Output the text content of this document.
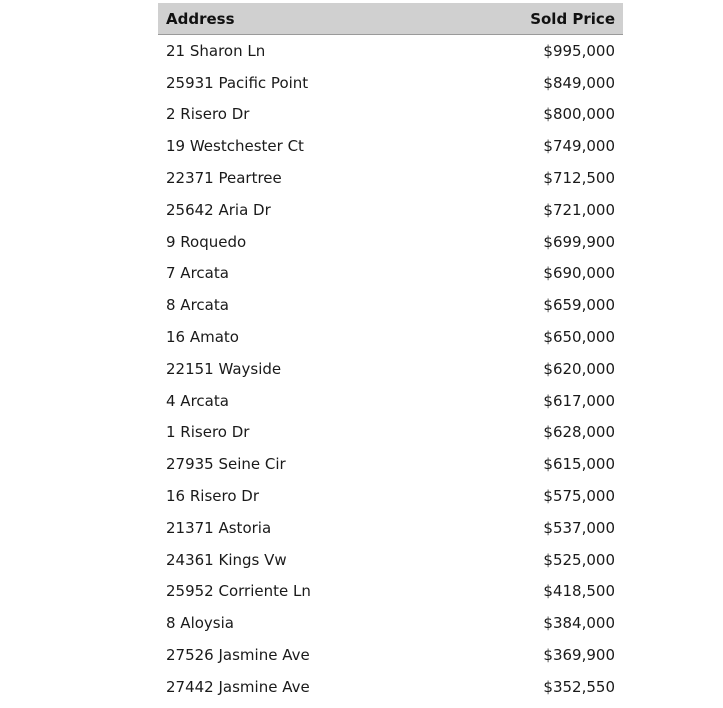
Address	Sold Price
21 Sharon Ln	$995,000
25931 Pacific Point	$849,000
2 Risero Dr	$800,000
19 Westchester Ct	$749,000
22371 Peartree	$712,500
25642 Aria Dr	$721,000
9 Roquedo	$699,900
7 Arcata	$690,000
8 Arcata	$659,000
16 Amato	$650,000
22151 Wayside	$620,000
4 Arcata	$617,000
1 Risero Dr	$628,000
27935 Seine Cir	$615,000
16 Risero Dr	$575,000
21371 Astoria	$537,000
24361 Kings Vw	$525,000
25952 Corriente Ln	$418,500
8 Aloysia	$384,000
27526 Jasmine Ave	$369,900
27442 Jasmine Ave	$352,550
